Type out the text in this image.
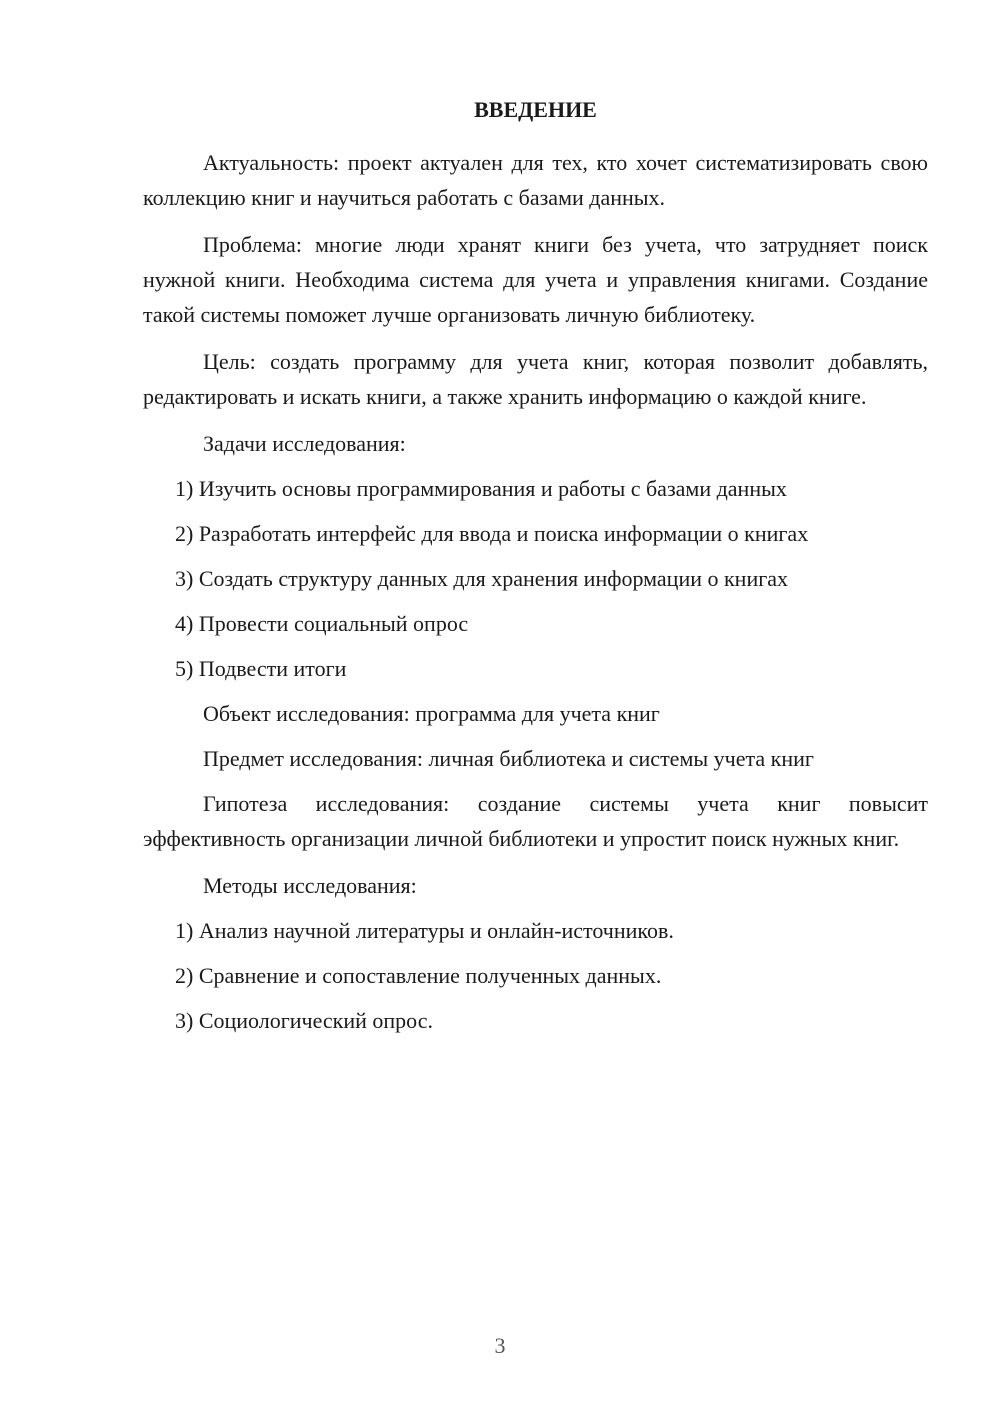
ВВЕДЕНИЕ

Актуальность: проект актуален для тех, кто хочет систематизировать свою коллекцию книг и научиться работать с базами данных.

Проблема: многие люди хранят книги без учета, что затрудняет поиск нужной книги. Необходима система для учета и управления книгами. Создание такой системы поможет лучше организовать личную библиотеку.

Цель: создать программу для учета книг, которая позволит добавлять, редактировать и искать книги, а также хранить информацию о каждой книге.

Задачи исследования:
1) Изучить основы программирования и работы с базами данных
2) Разработать интерфейс для ввода и поиска информации о книгах
3) Создать структуру данных для хранения информации о книгах
4) Провести социальный опрос
5) Подвести итоги
Объект исследования: программа для учета книг
Предмет исследования: личная библиотека и системы учета книг

Гипотеза исследования: создание системы учета книг повысит эффективность организации личной библиотеки и упростит поиск нужных книг.

Методы исследования:
1) Анализ научной литературы и онлайн-источников.
2) Сравнение и сопоставление полученных данных.
3) Социологический опрос.
3
